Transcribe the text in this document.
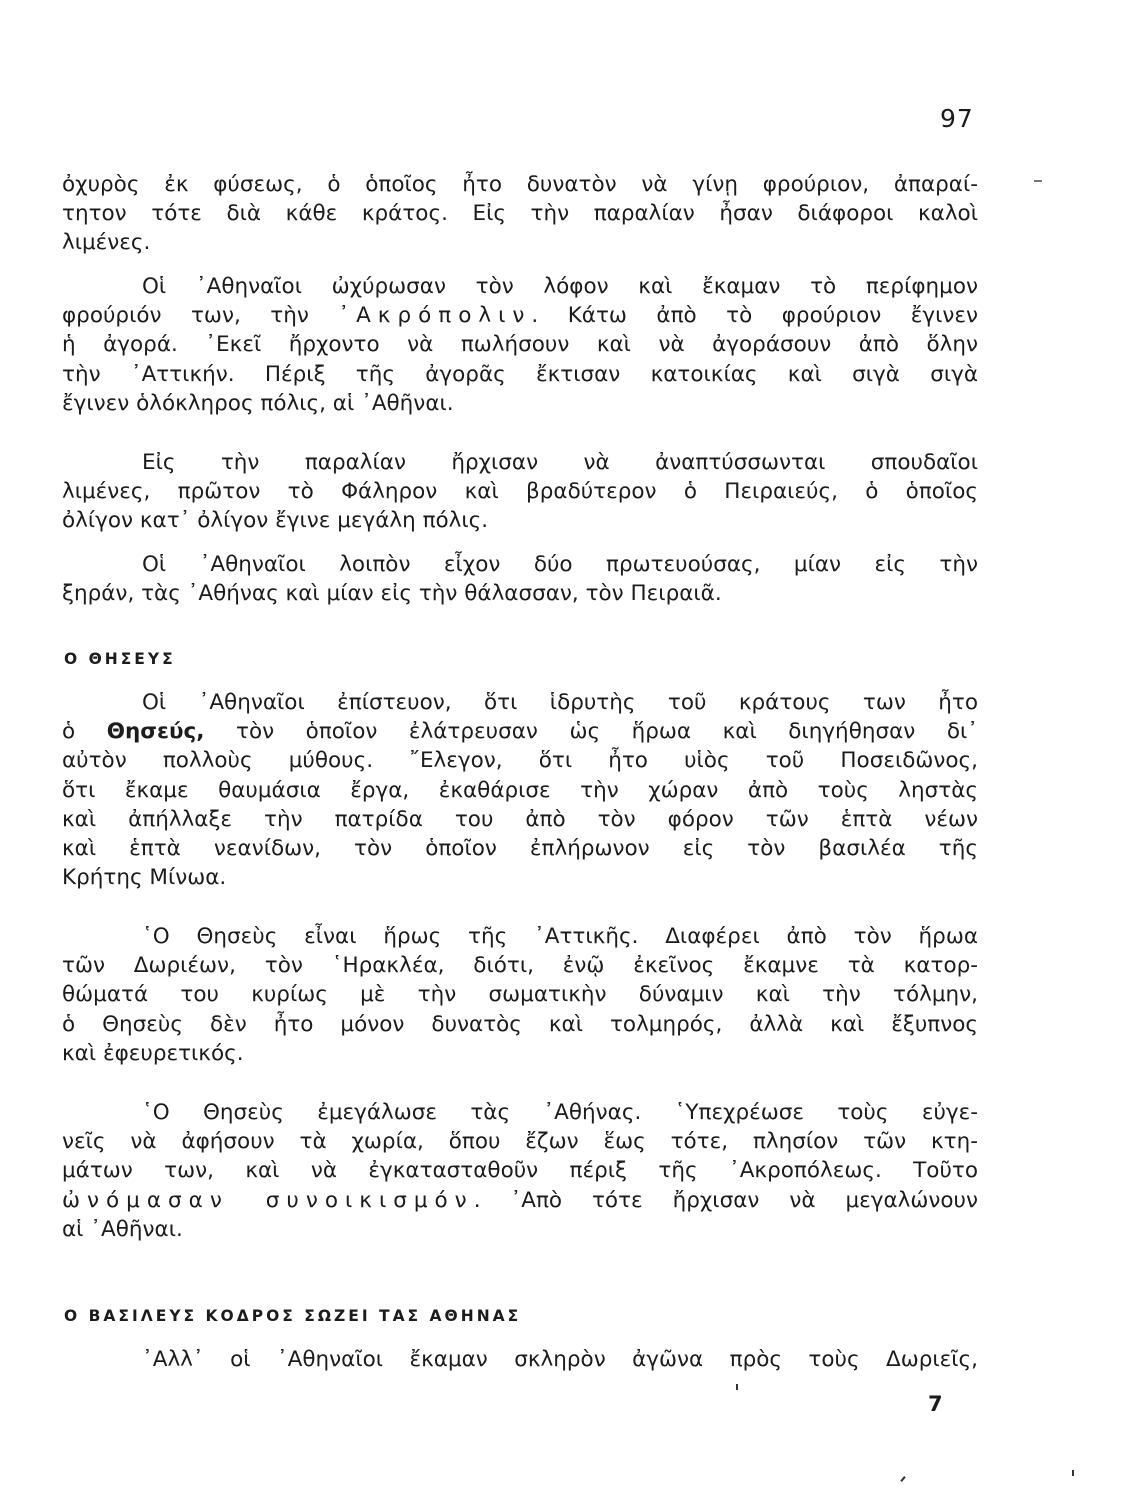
97
ὀχυρὸς ἐκ φύσεως, ὁ ὁποῖος ἦτο δυνατὸν νὰ γίνῃ φρούριον, ἀπαραί-
τητον τότε διὰ κάθε κράτος. Εἰς τὴν παραλίαν ἦσαν διάφοροι καλοὶ
λιμένες.
Οἱ ᾿Αθηναῖοι ὠχύρωσαν τὸν λόφον καὶ ἔκαμαν τὸ περίφημον
φρούριόν των, τὴν ᾿Ακρόπολιν. Κάτω ἀπὸ τὸ φρούριον ἔγινεν
ἡ ἀγορά. ᾿Εκεῖ ἤρχοντο νὰ πωλήσουν καὶ νὰ ἀγοράσουν ἀπὸ ὅλην
τὴν ᾿Αττικήν. Πέριξ τῆς ἀγορᾶς ἔκτισαν κατοικίας καὶ σιγὰ σιγὰ
ἔγινεν ὁλόκληρος πόλις, αἱ ᾿Αθῆναι.
Εἰς τὴν παραλίαν ἤρχισαν νὰ ἀναπτύσσωνται σπουδαῖοι
λιμένες, πρῶτον τὸ Φάληρον καὶ βραδύτερον ὁ Πειραιεύς, ὁ ὁποῖος
ὀλίγον κατ᾿ ὀλίγον ἔγινε μεγάλη πόλις.
Οἱ ᾿Αθηναῖοι λοιπὸν εἶχον δύο πρωτευούσας, μίαν εἰς τὴν
ξηράν, τὰς ᾿Αθήνας καὶ μίαν εἰς τὴν θάλασσαν, τὸν Πειραιᾶ.
Ο ΘΗΣΕΥΣ
Οἱ ᾿Αθηναῖοι ἐπίστευον, ὅτι ἱδρυτὴς τοῦ κράτους των ἦτο
ὁ Θησεύς, τὸν ὁποῖον ἐλάτρευσαν ὡς ἥρωα καὶ διηγήθησαν δι᾿
αὐτὸν πολλοὺς μύθους. ῎Ελεγον, ὅτι ἦτο υἱὸς τοῦ Ποσειδῶνος,
ὅτι ἔκαμε θαυμάσια ἔργα, ἐκαθάρισε τὴν χώραν ἀπὸ τοὺς ληστὰς
καὶ ἀπήλλαξε τὴν πατρίδα του ἀπὸ τὸν φόρον τῶν ἑπτὰ νέων
καὶ ἑπτὰ νεανίδων, τὸν ὁποῖον ἐπλήρωνον εἰς τὸν βασιλέα τῆς
Κρήτης Μίνωα.
῾Ο Θησεὺς εἶναι ἥρως τῆς ᾿Αττικῆς. Διαφέρει ἀπὸ τὸν ἥρωα
τῶν Δωριέων, τὸν ῾Ηρακλέα, διότι, ἐνῷ ἐκεῖνος ἔκαμνε τὰ κατορ-
θώματά του κυρίως μὲ τὴν σωματικὴν δύναμιν καὶ τὴν τόλμην,
ὁ Θησεὺς δὲν ἦτο μόνον δυνατὸς καὶ τολμηρός, ἀλλὰ καὶ ἔξυπνος
καὶ ἐφευρετικός.
῾Ο Θησεὺς ἐμεγάλωσε τὰς ᾿Αθήνας. ῾Υπεχρέωσε τοὺς εὐγε-
νεῖς νὰ ἀφήσουν τὰ χωρία, ὅπου ἔζων ἕως τότε, πλησίον τῶν κτη-
μάτων των, καὶ νὰ ἐγκατασταθοῦν πέριξ τῆς ᾿Ακροπόλεως. Τοῦτο
ὠνόμασαν συνοικισμόν. ᾿Απὸ τότε ἤρχισαν νὰ μεγαλώνουν
αἱ ᾿Αθῆναι.
Ο ΒΑΣΙΛΕΥΣ ΚΟΔΡΟΣ ΣΩΖΕΙ ΤΑΣ ΑΘΗΝΑΣ
᾿Αλλ᾿ οἱ ᾿Αθηναῖοι ἔκαμαν σκληρὸν ἀγῶνα πρὸς τοὺς Δωριεῖς,
7
